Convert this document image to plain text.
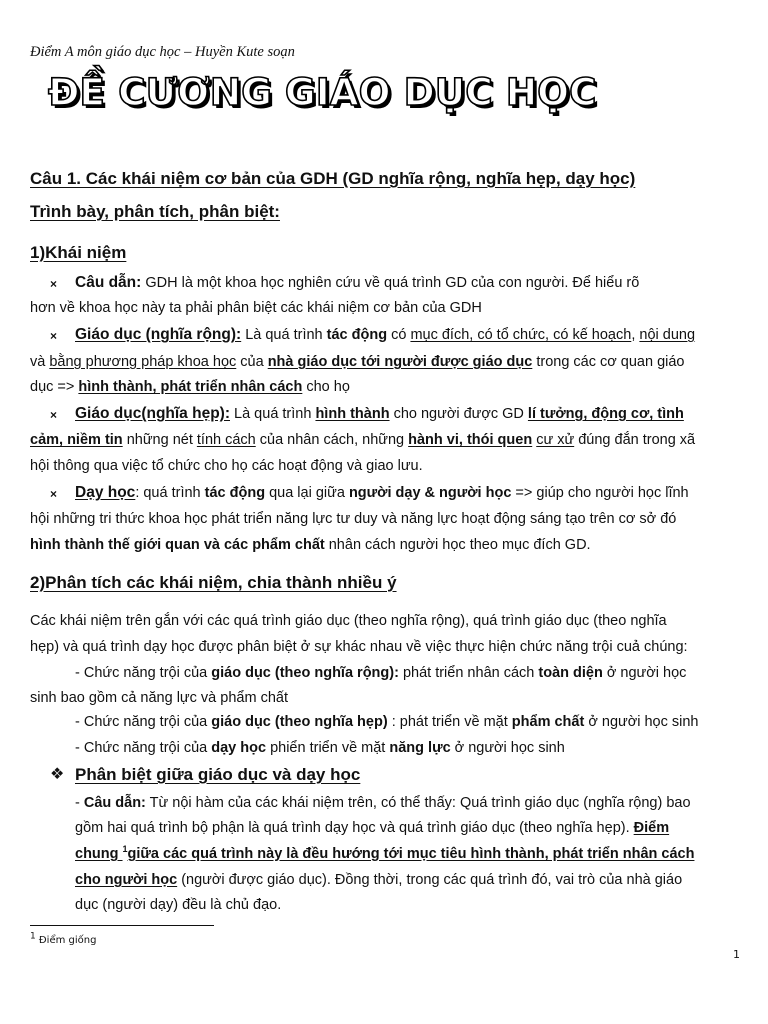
Điểm A môn giáo dục học – Huyền Kute soạn
ĐỀ CƯƠNG GIÁO DỤC HỌC
Câu 1. Các khái niệm cơ bản của GDH (GD nghĩa rộng, nghĩa hẹp, dạy học)
Trình bày, phân tích, phân biệt:
1)Khái niệm
× Câu dẫn: GDH là một khoa học nghiên cứu về quá trình GD của con người. Để hiểu rõ
hơn về khoa học này ta phải phân biệt các khái niệm cơ bản của GDH
× Giáo dục (nghĩa rộng): Là quá trình tác động có mục đích, có tổ chức, có kế hoạch, nội dung
và bằng phương pháp khoa học của nhà giáo dục tới người được giáo dục trong các cơ quan giáo
dục => hình thành, phát triển nhân cách cho họ
× Giáo dục(nghĩa hẹp): Là quá trình hình thành cho người được GD lí tưởng, động cơ, tình
cảm, niềm tin những nét tính cách của nhân cách, những hành vi, thói quen cư xử đúng đắn trong xã
hội thông qua việc tổ chức cho họ các hoạt động và giao lưu.
× Dạy học: quá trình tác động qua lại giữa người dạy & người học => giúp cho người học lĩnh
hội những tri thức khoa học phát triển năng lực tư duy và năng lực hoạt động sáng tạo trên cơ sở đó
hình thành thế giới quan và các phẩm chất nhân cách người học theo mục đích GD.
2)Phân tích các khái niệm, chia thành nhiều ý
Các khái niệm trên gắn với các quá trình giáo dục (theo nghĩa rộng), quá trình giáo dục (theo nghĩa
hẹp) và quá trình dạy học được phân biệt ở sự khác nhau về việc thực hiện chức năng trội cuả chúng:
- Chức năng trội của giáo dục (theo nghĩa rộng): phát triển nhân cách toàn diện ở người học
sinh bao gồm cả năng lực và phẩm chất
- Chức năng trội của giáo dục (theo nghĩa hẹp) : phát triển về mặt phẩm chất ở người học sinh
- Chức năng trội của dạy học phiển triển về mặt năng lực ở người học sinh
❖ Phân biệt giữa giáo dục và dạy học
- Câu dẫn: Từ nội hàm của các khái niệm trên, có thể thấy: Quá trình giáo dục (nghĩa rộng) bao
gồm hai quá trình bộ phận là quá trình dạy học và quá trình giáo dục (theo nghĩa hẹp). Điểm
chung $^1$giữa các quá trình này là đều hướng tới mục tiêu hình thành, phát triển nhân cách
cho người học (người được giáo dục). Đồng thời, trong các quá trình đó, vai trò của nhà giáo
dục (người dạy) đều là chủ đạo.
$^1$ Điểm giống
1
